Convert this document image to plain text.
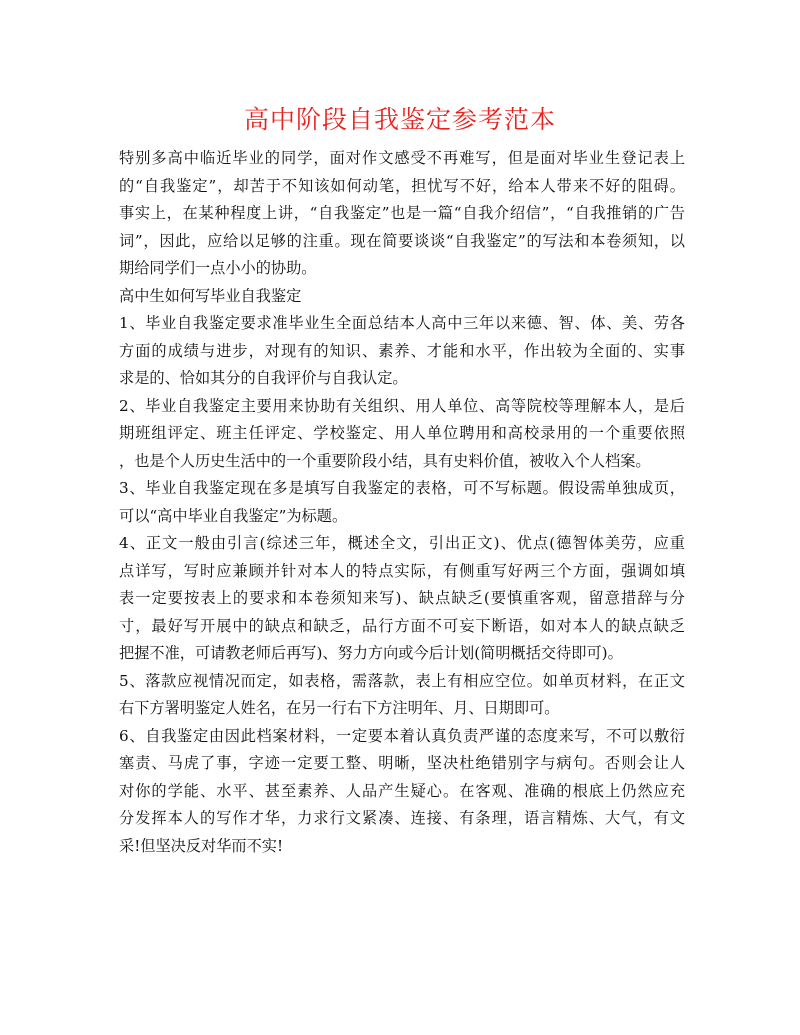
高中阶段自我鉴定参考范本

特别多高中临近毕业的同学，面对作文感受不再难写，但是面对毕业生登记表上
的“自我鉴定”，却苦于不知该如何动笔，担忧写不好，给本人带来不好的阻碍。
事实上，在某种程度上讲，“自我鉴定”也是一篇“自我介绍信”，“自我推销的广告
词”，因此，应给以足够的注重。现在简要谈谈“自我鉴定”的写法和本卷须知，以
期给同学们一点小小的协助。

高中生如何写毕业自我鉴定

1、毕业自我鉴定要求准毕业生全面总结本人高中三年以来德、智、体、美、劳各
方面的成绩与进步，对现有的知识、素养、才能和水平，作出较为全面的、实事
求是的、恰如其分的自我评价与自我认定。

2、毕业自我鉴定主要用来协助有关组织、用人单位、高等院校等理解本人，是后
期班组评定、班主任评定、学校鉴定、用人单位聘用和高校录用的一个重要依照
，也是个人历史生活中的一个重要阶段小结，具有史料价值，被收入个人档案。

3、毕业自我鉴定现在多是填写自我鉴定的表格，可不写标题。假设需单独成页，
可以“高中毕业自我鉴定”为标题。

4、正文一般由引言(综述三年，概述全文，引出正文)、优点(德智体美劳，应重
点详写，写时应兼顾并针对本人的特点实际，有侧重写好两三个方面，强调如填
表一定要按表上的要求和本卷须知来写)、缺点缺乏(要慎重客观，留意措辞与分
寸，最好写开展中的缺点和缺乏，品行方面不可妄下断语，如对本人的缺点缺乏
把握不准，可请教老师后再写)、努力方向或今后计划(简明概括交待即可)。

5、落款应视情况而定，如表格，需落款，表上有相应空位。如单页材料，在正文
右下方署明鉴定人姓名，在另一行右下方注明年、月、日期即可。

6、自我鉴定由因此档案材料，一定要本着认真负责严谨的态度来写，不可以敷衍
塞责、马虎了事，字迹一定要工整、明晰，坚决杜绝错别字与病句。否则会让人
对你的学能、水平、甚至素养、人品产生疑心。在客观、准确的根底上仍然应充
分发挥本人的写作才华，力求行文紧凑、连接、有条理，语言精炼、大气，有文
采!但坚决反对华而不实!
